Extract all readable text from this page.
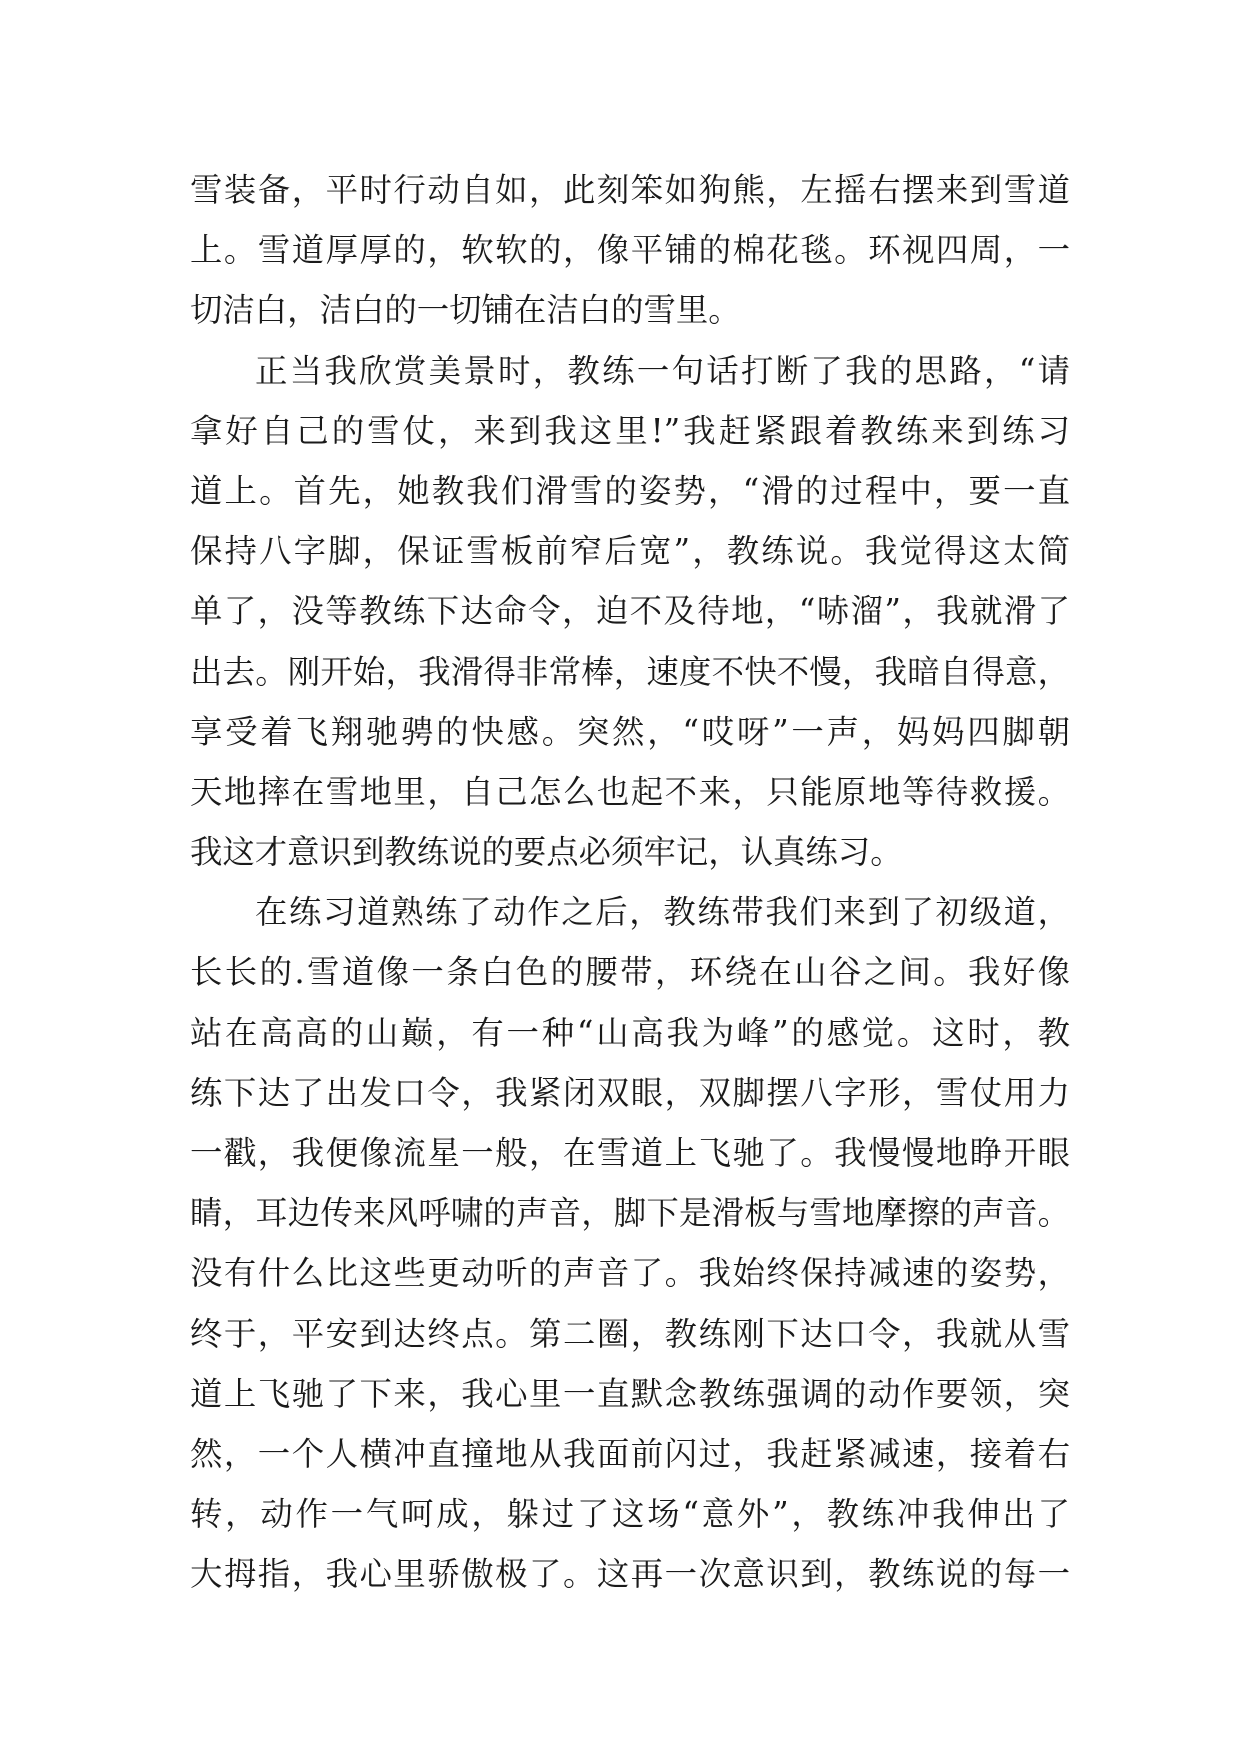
雪装备，平时行动自如，此刻笨如狗熊，左摇右摆来到雪道
上。雪道厚厚的，软软的，像平铺的棉花毯。环视四周，一
切洁白，洁白的一切铺在洁白的雪里。
正当我欣赏美景时，教练一句话打断了我的思路，“请
拿好自己的雪仗，来到我这里!”我赶紧跟着教练来到练习
道上。首先，她教我们滑雪的姿势，“滑的过程中，要一直
保持八字脚，保证雪板前窄后宽”，教练说。我觉得这太简
单了，没等教练下达命令，迫不及待地，“哧溜”，我就滑了
出去。刚开始，我滑得非常棒，速度不快不慢，我暗自得意，
享受着飞翔驰骋的快感。突然，“哎呀”一声，妈妈四脚朝
天地摔在雪地里，自己怎么也起不来，只能原地等待救援。
我这才意识到教练说的要点必须牢记，认真练习。
在练习道熟练了动作之后，教练带我们来到了初级道，
长长的.雪道像一条白色的腰带，环绕在山谷之间。我好像
站在高高的山巅，有一种“山高我为峰”的感觉。这时，教
练下达了出发口令，我紧闭双眼，双脚摆八字形，雪仗用力
一戳，我便像流星一般，在雪道上飞驰了。我慢慢地睁开眼
睛，耳边传来风呼啸的声音，脚下是滑板与雪地摩擦的声音。
没有什么比这些更动听的声音了。我始终保持减速的姿势，
终于，平安到达终点。第二圈，教练刚下达口令，我就从雪
道上飞驰了下来，我心里一直默念教练强调的动作要领，突
然，一个人横冲直撞地从我面前闪过，我赶紧减速，接着右
转，动作一气呵成，躲过了这场“意外”，教练冲我伸出了
大拇指，我心里骄傲极了。这再一次意识到，教练说的每一
